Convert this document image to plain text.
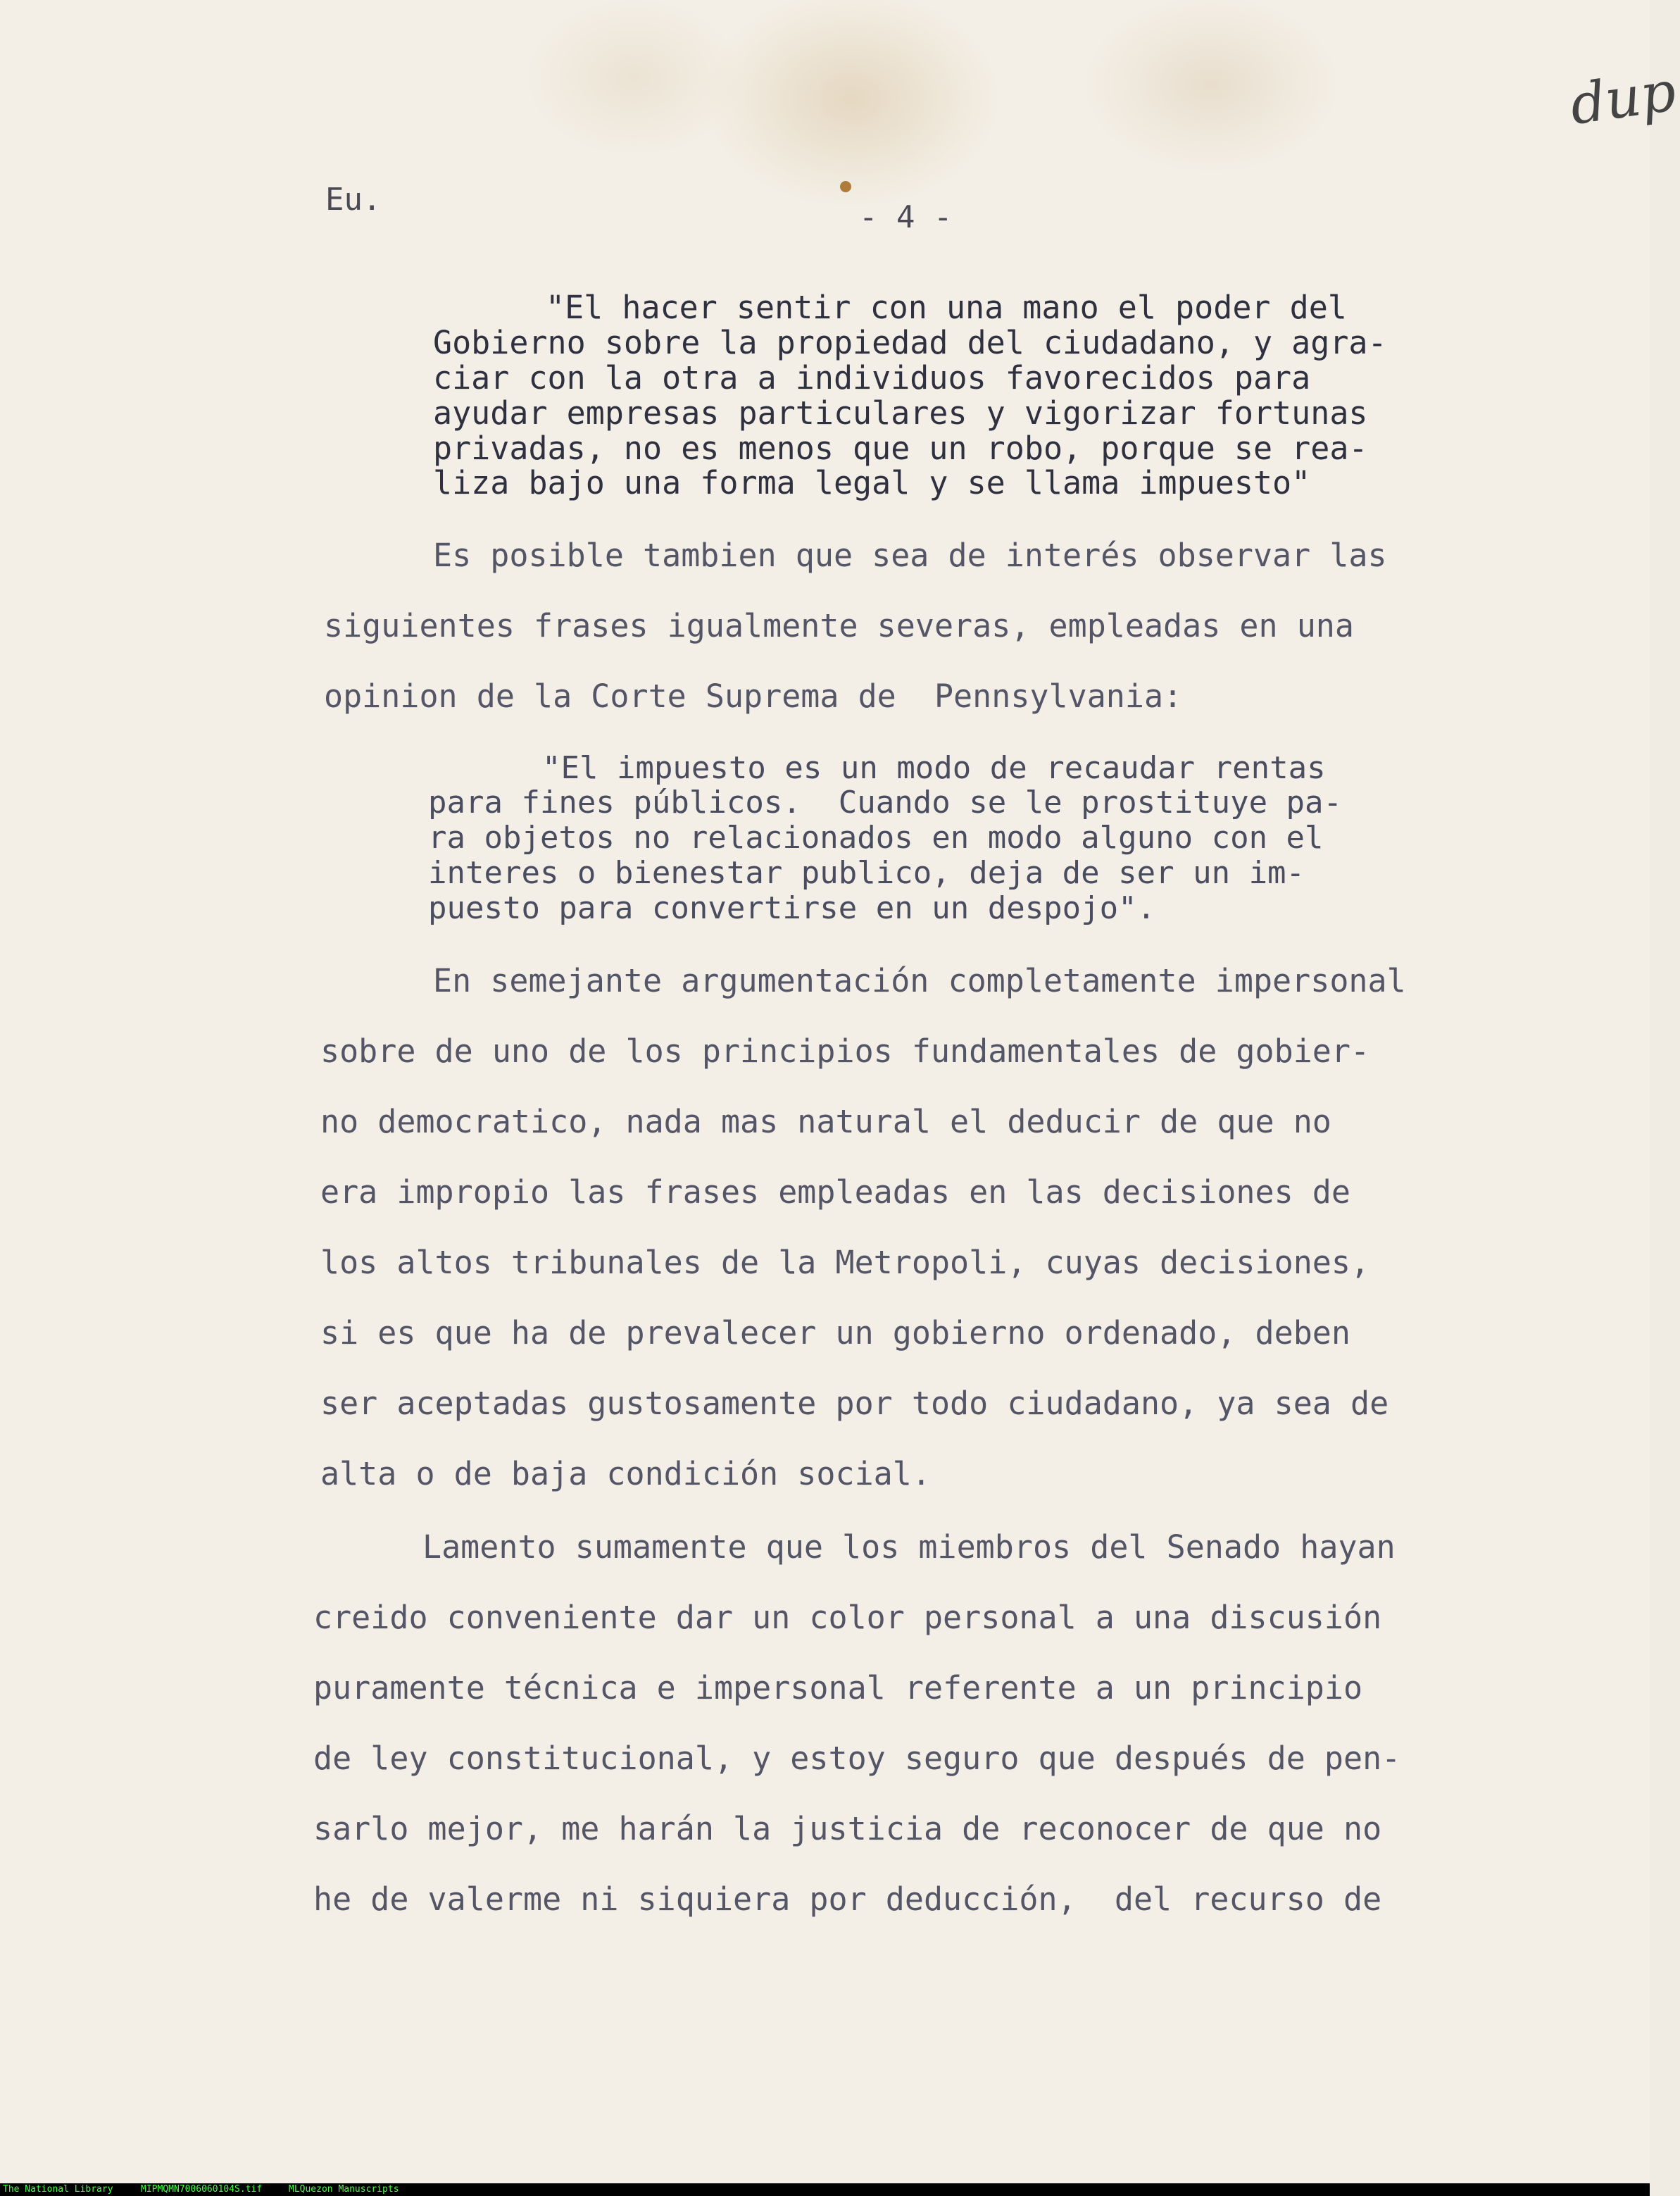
Eu.	- 4 -
dup
"El hacer sentir con una mano el poder del
Gobierno sobre la propiedad del ciudadano, y agra-
ciar con la otra a individuos favorecidos para
ayudar empresas particulares y vigorizar fortunas
privadas, no es menos que un robo, porque se rea-
liza bajo una forma legal y se llama impuesto"
Es posible tambien que sea de interés observar las
siguientes frases igualmente severas, empleadas en una
opinion de la Corte Suprema de  Pennsylvania:
"El impuesto es un modo de recaudar rentas
para fines públicos.  Cuando se le prostituye pa-
ra objetos no relacionados en modo alguno con el
interes o bienestar publico, deja de ser un im-
puesto para convertirse en un despojo".
En semejante argumentación completamente impersonal
sobre de uno de los principios fundamentales de gobier-
no democratico, nada mas natural el deducir de que no
era impropio las frases empleadas en las decisiones de
los altos tribunales de la Metropoli, cuyas decisiones,
si es que ha de prevalecer un gobierno ordenado, deben
ser aceptadas gustosamente por todo ciudadano, ya sea de
alta o de baja condición social.
Lamento sumamente que los miembros del Senado hayan
creido conveniente dar un color personal a una discusión
puramente técnica e impersonal referente a un principio
de ley constitucional, y estoy seguro que después de pen-
sarlo mejor, me harán la justicia de reconocer de que no
he de valerme ni siquiera por deducción,  del recurso de
The National Library	MIPMQMN7006060104S.tif	MLQuezon Manuscripts
